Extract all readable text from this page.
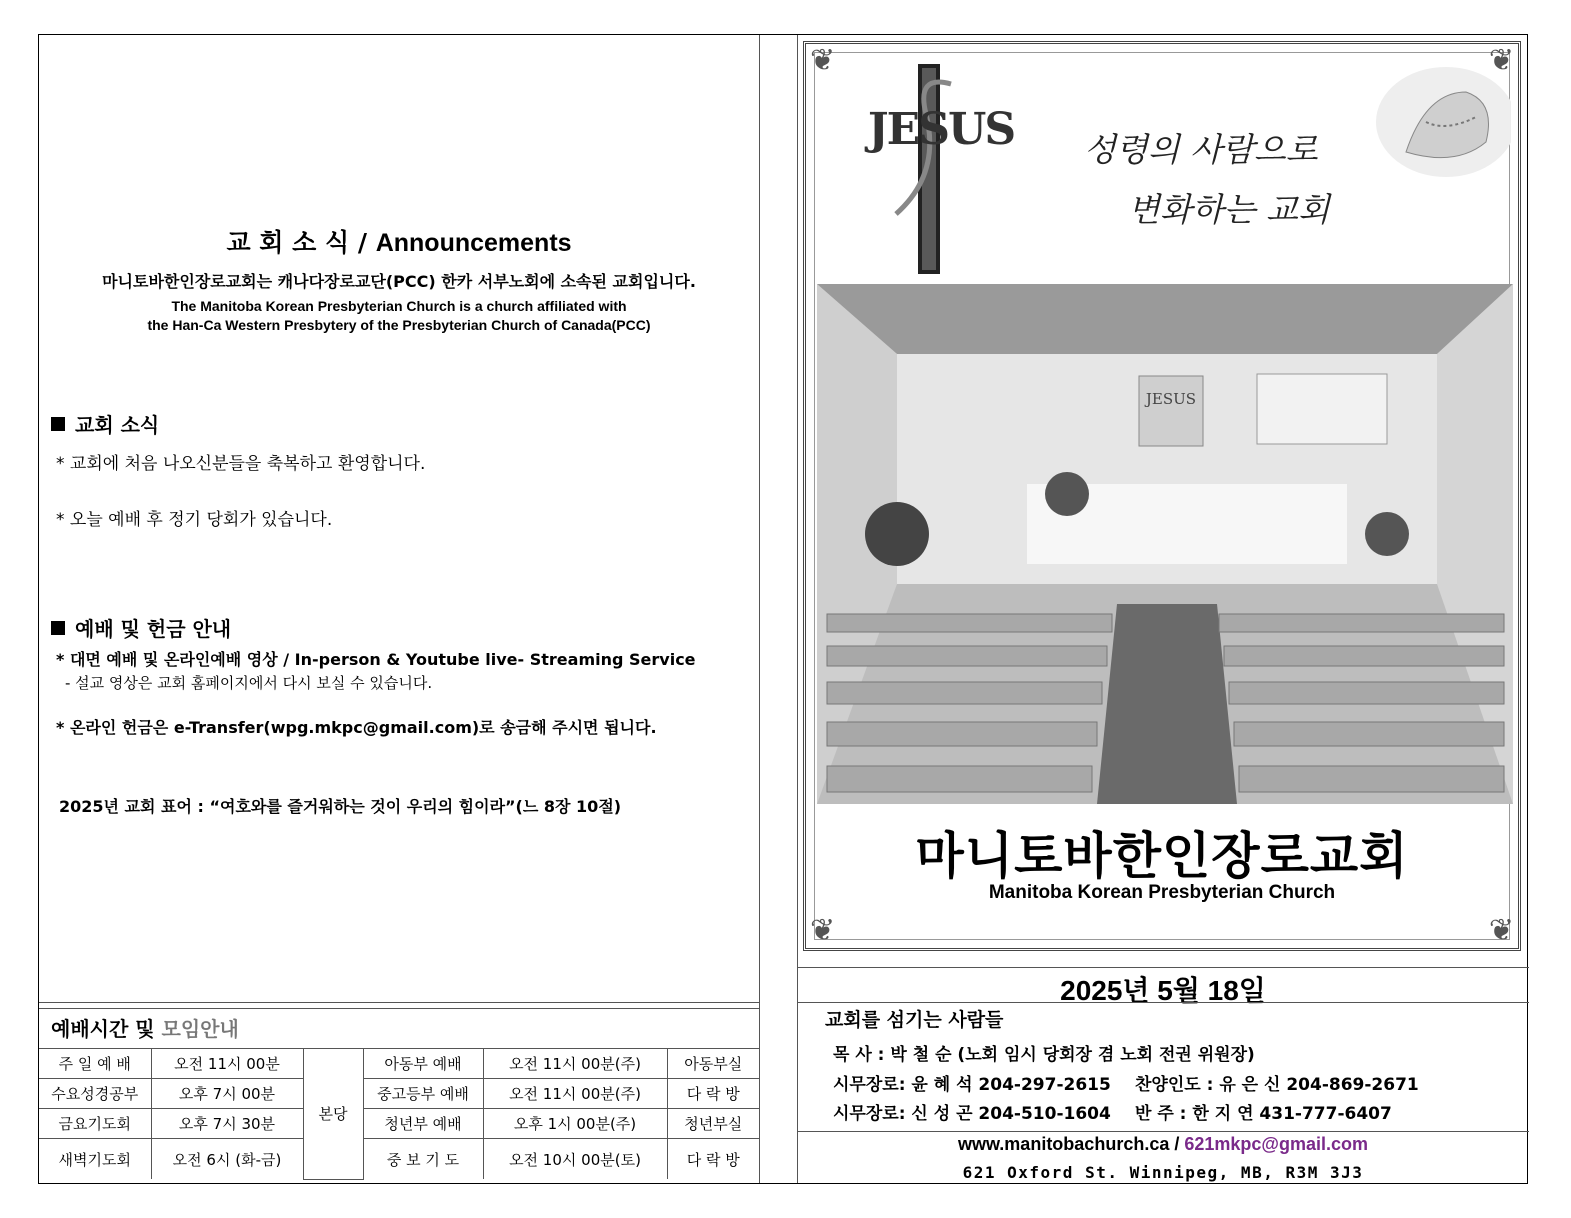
교 회 소 식 / Announcements
마니토바한인장로교회는 캐나다장로교단(PCC) 한카 서부노회에 소속된 교회입니다.
The Manitoba Korean Presbyterian Church is a church affiliated with
the Han-Ca Western Presbytery of the Presbyterian Church of Canada(PCC)
교회 소식
* 교회에 처음 나오신분들을 축복하고 환영합니다.
* 오늘 예배 후 정기 당회가 있습니다.
예배 및 헌금 안내
* 대면 예배 및 온라인예배 영상 / In-person & Youtube live- Streaming Service
- 설교 영상은 교회 홈페이지에서 다시 보실 수 있습니다.
* 온라인 헌금은 e-Transfer(wpg.mkpc@gmail.com)로 송금해 주시면 됩니다.
2025년 교회 표어 : “여호와를 즐거워하는 것이 우리의 힘이라”(느 8장 10절)
예배시간 및 모임안내
주 일 예 배	오전 11시 00분	본당	아동부 예배	오전 11시 00분(주)	아동부실
수요성경공부	오후 7시 00분		중고등부 예배	오전 11시 00분(주)	다 락 방
금요기도회	오후 7시 30분		청년부 예배	오후 1시 00분(주)	청년부실
새벽기도회	오전 6시 (화-금)		중 보 기 도	오전 10시 00분(토)	다 락 방
❦	❦
❦	❦
JESUS 성령의 사람으로
변화하는 교회
JESUS
마니토바한인장로교회
Manitoba Korean Presbyterian Church
2025년 5월 18일
교회를 섬기는 사람들
목 사 : 박 철 순 (노회 임시 당회장 겸 노회 전권 위원장)
시무장로: 윤 혜 석 204-297-2615 찬양인도 : 유 은 신 204-869-2671
시무장로: 신 성 곤 204-510-1604 반 주 : 한 지 연 431-777-6407
www.manitobachurch.ca / 621mkpc@gmail.com
621 Oxford St. Winnipeg, MB, R3M 3J3
